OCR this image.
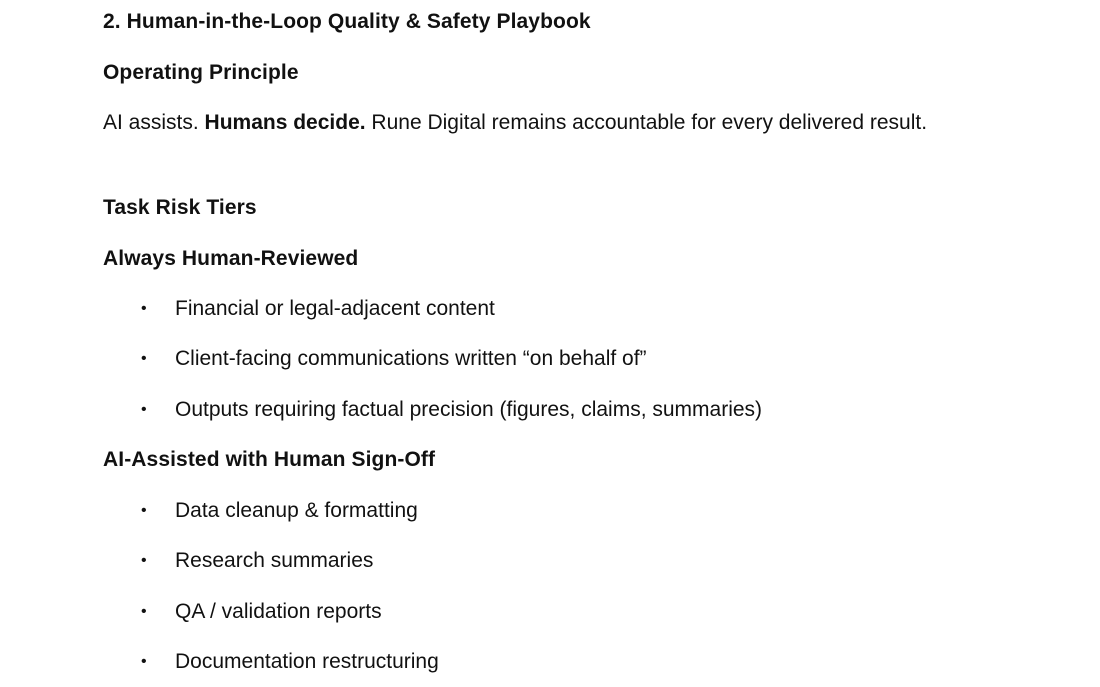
2. Human-in-the-Loop Quality & Safety Playbook
Operating Principle
AI assists. Humans decide. Rune Digital remains accountable for every delivered result.
Task Risk Tiers
Always Human-Reviewed
• Financial or legal-adjacent content
• Client-facing communications written “on behalf of”
• Outputs requiring factual precision (figures, claims, summaries)
AI-Assisted with Human Sign-Off
• Data cleanup & formatting
• Research summaries
• QA / validation reports
• Documentation restructuring
